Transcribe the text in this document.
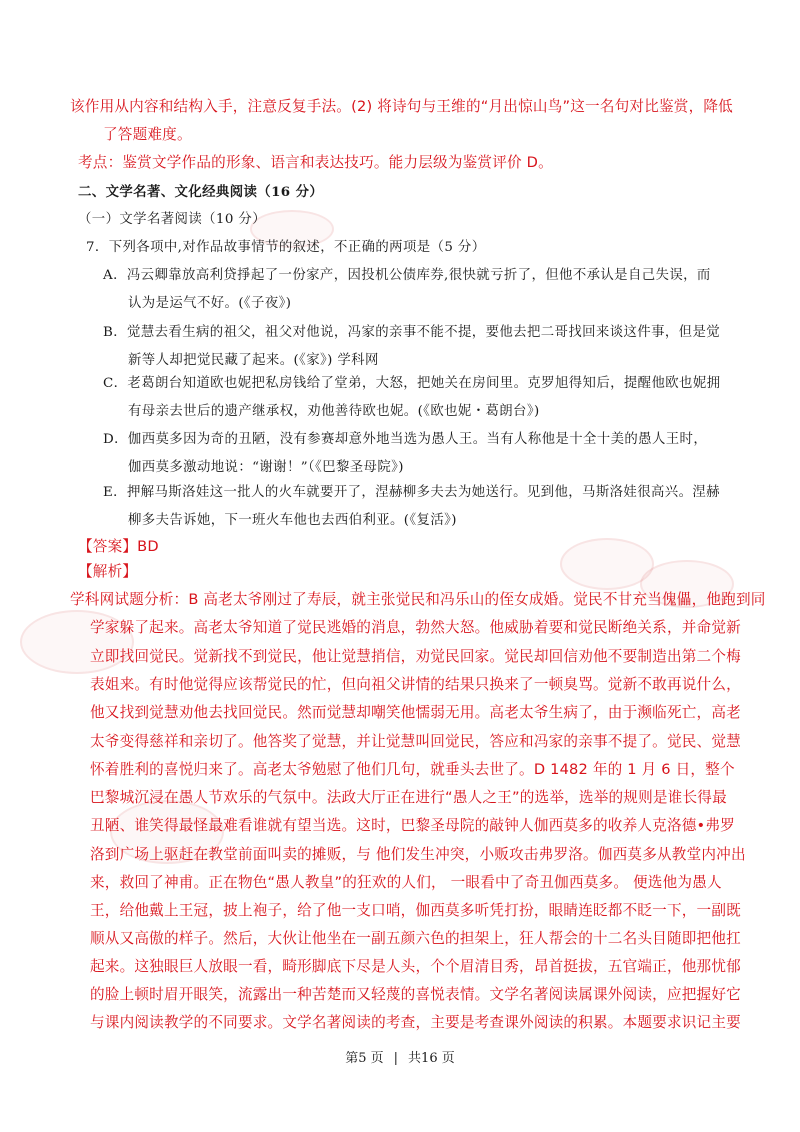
该作用从内容和结构入手，注意反复手法。(2) 将诗句与王维的“月出惊山鸟”这一名句对比鉴赏，降低
了答题难度。
考点：鉴赏文学作品的形象、语言和表达技巧。能力层级为鉴赏评价 D。
二、文学名著、文化经典阅读（16 分）
（一）文学名著阅读（10 分）
7．下列各项中,对作品故事情节的叙述，不正确的两项是（5 分）
A．冯云卿靠放高利贷掙起了一份家产，因投机公债库券,很快就亏折了，但他不承认是自己失误，而
认为是运气不好。(《子夜》)
B．觉慧去看生病的祖父，祖父对他说，冯家的亲事不能不提，要他去把二哥找回来谈这件事，但是觉
新等人却把觉民藏了起来。(《家》) 学科网
C．老葛朗台知道欧也妮把私房钱给了堂弟，大怒，把她关在房间里。克罗旭得知后，提醒他欧也妮拥
有母亲去世后的遗产继承权，劝他善待欧也妮。(《欧也妮・葛朗台》)
D．伽西莫多因为奇的丑陋，没有参赛却意外地当选为愚人王。当有人称他是十全十美的愚人王时，
伽西莫多激动地说：“谢谢！”（《巴黎圣母院》)
E．押解马斯洛娃这一批人的火车就要开了，涅赫柳多夫去为她送行。见到他，马斯洛娃很高兴。涅赫
柳多夫告诉她，下一班火车他也去西伯利亚。(《复活》)
【答案】BD
【解析】
学科网试题分析：B 高老太爷刚过了寿辰，就主张觉民和冯乐山的侄女成婚。觉民不甘充当傀儡，他跑到同
学家躲了起来。高老太爷知道了觉民逃婚的消息，勃然大怒。他威胁着要和觉民断绝关系，并命觉新
立即找回觉民。觉新找不到觉民，他让觉慧捎信，劝觉民回家。觉民却回信劝他不要制造出第二个梅
表姐来。有时他觉得应该帮觉民的忙，但向祖父讲情的结果只换来了一顿臭骂。觉新不敢再说什么，
他又找到觉慧劝他去找回觉民。然而觉慧却嘲笑他懦弱无用。高老太爷生病了，由于濒临死亡，高老
太爷变得慈祥和亲切了。他答奖了觉慧，并让觉慧叫回觉民，答应和冯家的亲事不提了。觉民、觉慧
怀着胜利的喜悦归来了。高老太爷勉慰了他们几句，就垂头去世了。D 1482 年的 1 月 6 日，整个
巴黎城沉浸在愚人节欢乐的气氛中。法政大厅正在进行“愚人之王”的选举，选举的规则是谁长得最
丑陋、谁笑得最怪最难看谁就有望当选。这时，巴黎圣母院的敲钟人伽西莫多的收养人克洛德•弗罗
洛到广场上驱赶在教堂前面叫卖的摊贩，与 他们发生冲突，小贩攻击弗罗洛。伽西莫多从教堂内冲出
来，救回了神甫。正在物色“愚人教皇”的狂欢的人们， 一眼看中了奇丑伽西莫多。 便选他为愚人
王，给他戴上王冠，披上袍子，给了他一支口哨，伽西莫多听凭打扮，眼睛连眨都不眨一下，一副既
顺从又高傲的样子。然后，大伙让他坐在一副五颜六色的担架上，狂人帮会的十二名头目随即把他扛
起来。这独眼巨人放眼一看，畸形脚底下尽是人头，个个眉清目秀，昂首挺拔，五官端正，他那忧郁
的脸上顿时眉开眼笑，流露出一种苦楚而又轻蔑的喜悦表情。文学名著阅读属课外阅读，应把握好它
与课内阅读教学的不同要求。文学名著阅读的考查，主要是考查课外阅读的积累。本题要求识记主要
第5 页 | 共16 页
